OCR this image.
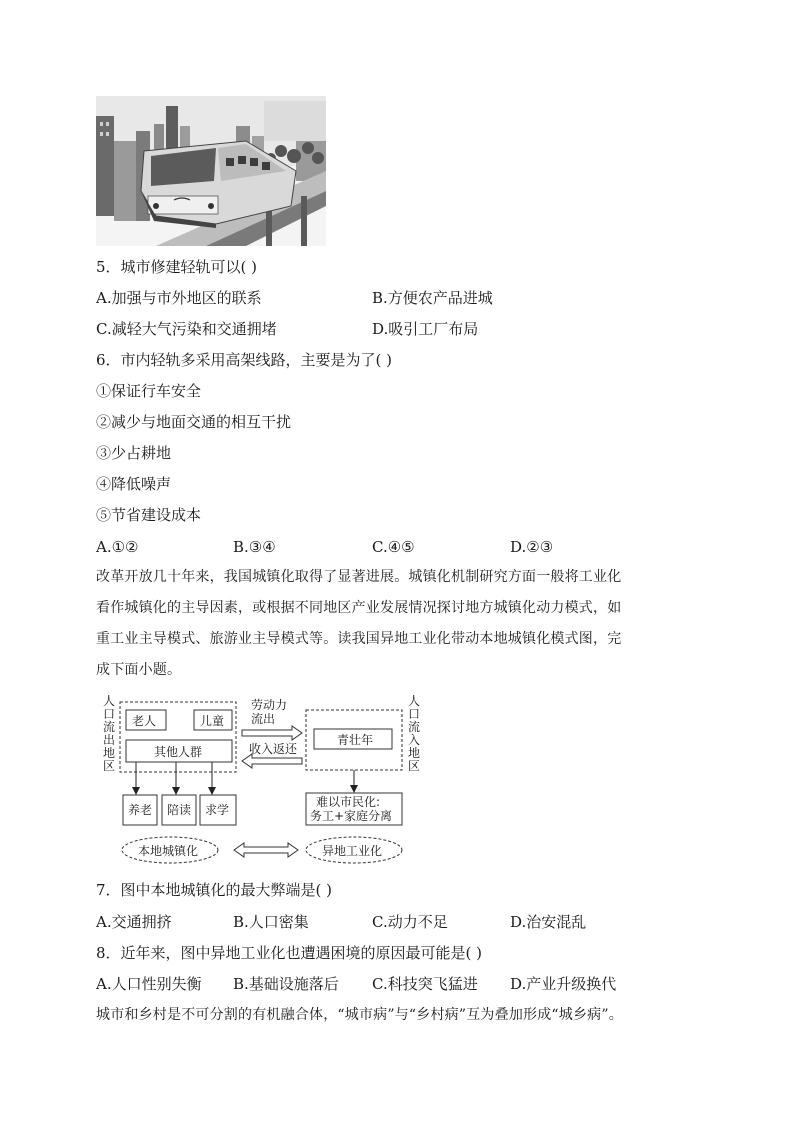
5．城市修建轻轨可以( )
A.加强与市外地区的联系	B.方便农产品进城
C.减轻大气污染和交通拥堵	D.吸引工厂布局
6．市内轻轨多采用高架线路，主要是为了( )
①保证行车安全
②减少与地面交通的相互干扰
③少占耕地
④降低噪声
⑤节省建设成本
A.①②	B.③④	C.④⑤	D.②③
改革开放几十年来，我国城镇化取得了显著进展。城镇化机制研究方面一般将工业化
看作城镇化的主导因素，或根据不同地区产业发展情况探讨地方城镇化动力模式，如
重工业主导模式、旅游业主导模式等。读我国异地工业化带动本地城镇化模式图，完
成下面小题。
人口流出地区
老人	儿童
其他人群
劳动力
流出
收入返还
青壮年
人口流入地区
养老 陪读 求学
难以市民化:
务工+家庭分离
本地城镇化	异地工业化
7．图中本地城镇化的最大弊端是( )
A.交通拥挤	B.人口密集	C.动力不足	D.治安混乱
8．近年来，图中异地工业化也遭遇困境的原因最可能是( )
A.人口性别失衡 B.基础设施落后 C.科技突飞猛进 D.产业升级换代
城市和乡村是不可分割的有机融合体，“城市病”与“乡村病”互为叠加形成“城乡病”。
